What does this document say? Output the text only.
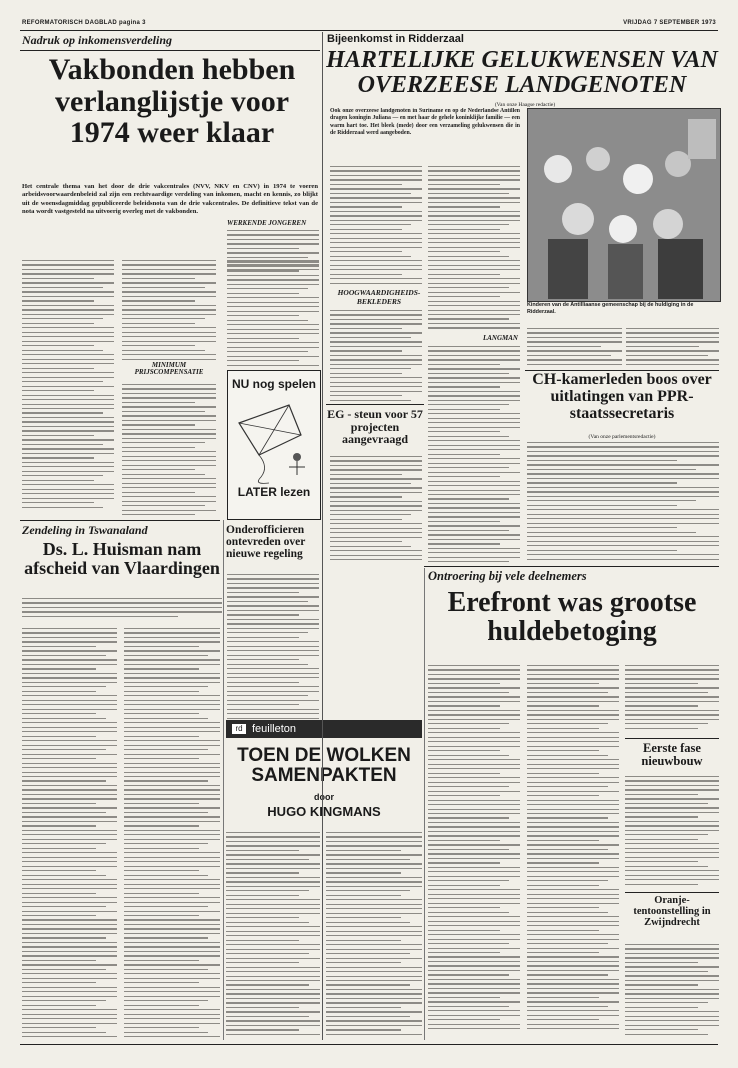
REFORMATORISCH DAGBLAD pagina 3	VRIJDAG 7 SEPTEMBER 1973
Nadruk op inkomensverdeling
Vakbonden hebben verlanglijstje voor 1974 weer klaar
Het centrale thema van het door de drie vakcentrales (NVV, NKV en CNV) in 1974 te voeren arbeidsvoorwaardenbeleid zal zijn een rechtvaardige verdeling van inkomen, macht en kennis, zo blijkt uit de woensdagmiddag gepubliceerde beleidsnota van de drie vakcentrales. De definitieve tekst van de nota wordt vastgesteld na uitvoerig overleg met de vakbonden.
MINIMUM PRIJSCOMPENSATIE
WERKENDE JONGEREN
NU nog spelen
LATER lezen
Onderofficieren ontevreden over nieuwe regeling
Zendeling in Tswanaland
Ds. L. Huisman nam afscheid van Vlaardingen
rd feuilleton
TOEN DE WOLKEN SAMENPAKTEN
door
HUGO KINGMANS
Bijeenkomst in Ridderzaal
HARTELIJKE GELUKWENSEN VAN OVERZEESE LANDGENOTEN
(Van onze Haagse redactie)
Ook onze overzeese landgenoten in Suriname en op de Nederlandse Antillen dragen koningin Juliana — en met haar de gehele koninklijke familie — een warm hart toe. Het bleek (mede) door een verzameling gelukwensen die in de Ridderzaal werd aangeboden.
Kinderen van de Antilliaanse gemeenschap bij de huldiging in de Ridderzaal.
HOOGWAARDIGHEIDS-BEKLEDERS
LANGMAN
EG - steun voor 57 projecten aangevraagd
CH-kamerleden boos over uitlatingen van PPR-staatssecretaris
(Van onze parlementsredactie)
Ontroering bij vele deelnemers
Erefront was grootse huldebetoging
Eerste fase nieuwbouw
Oranje-tentoonstelling in Zwijndrecht
